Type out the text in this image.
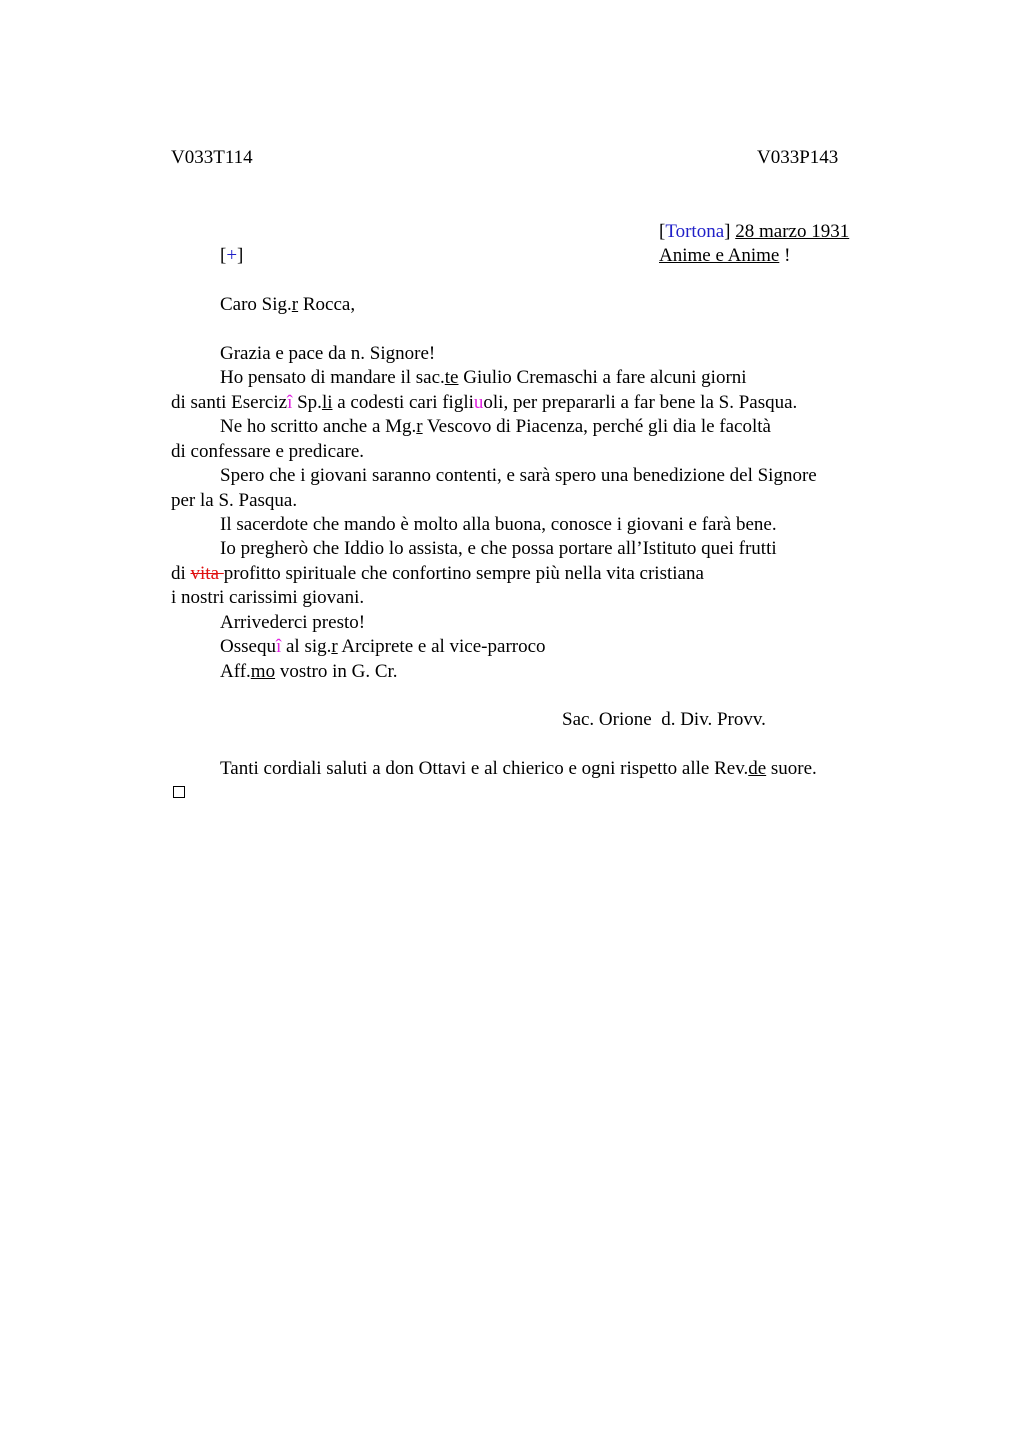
V033T114	V033P143
[Tortona] 28 marzo 1931
[+]	Anime e Anime !
Caro Sig.r Rocca,
Grazia e pace da n. Signore!
Ho pensato di mandare il sac.te Giulio Cremaschi a fare alcuni giorni
di santi Esercizî Sp.li a codesti cari figliuoli, per prepararli a far bene la S. Pasqua.
Ne ho scritto anche a Mg.r Vescovo di Piacenza, perché gli dia le facoltà
di confessare e predicare.
Spero che i giovani saranno contenti, e sarà spero una benedizione del Signore
per la S. Pasqua.
Il sacerdote che mando è molto alla buona, conosce i giovani e farà bene.
Io pregherò che Iddio lo assista, e che possa portare all’Istituto quei frutti
di vita profitto spirituale che confortino sempre più nella vita cristiana
i nostri carissimi giovani.
Arrivederci presto!
Ossequî al sig.r Arciprete e al vice-parroco
Aff.mo vostro in G. Cr.
Sac. Orione  d. Div. Provv.
Tanti cordiali saluti a don Ottavi e al chierico e ogni rispetto alle Rev.de suore.
